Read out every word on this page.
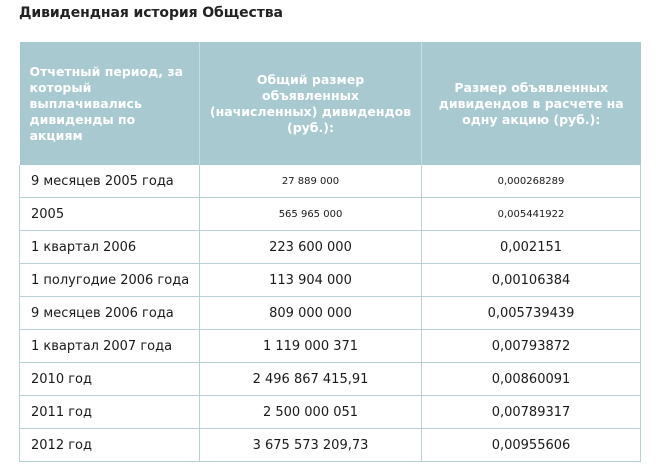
Дивидендная история Общества
Отчетный период, за который выплачивались дивиденды по акциям	Общий размер объявленных (начисленных) дивидендов (руб.):	Размер объявленных дивидендов в расчете на одну акцию (руб.):
9 месяцев 2005 года	27 889 000	0,000268289
2005	565 965 000	0,005441922
1 квартал 2006	223 600 000	0,002151
1 полугодие 2006 года	113 904 000	0,00106384
9 месяцев 2006 года	809 000 000	0,005739439
1 квартал 2007 года	1 119 000 371	0,00793872
2010 год	2 496 867 415,91	0,00860091
2011 год	2 500 000 051	0,00789317
2012 год	3 675 573 209,73	0,00955606
